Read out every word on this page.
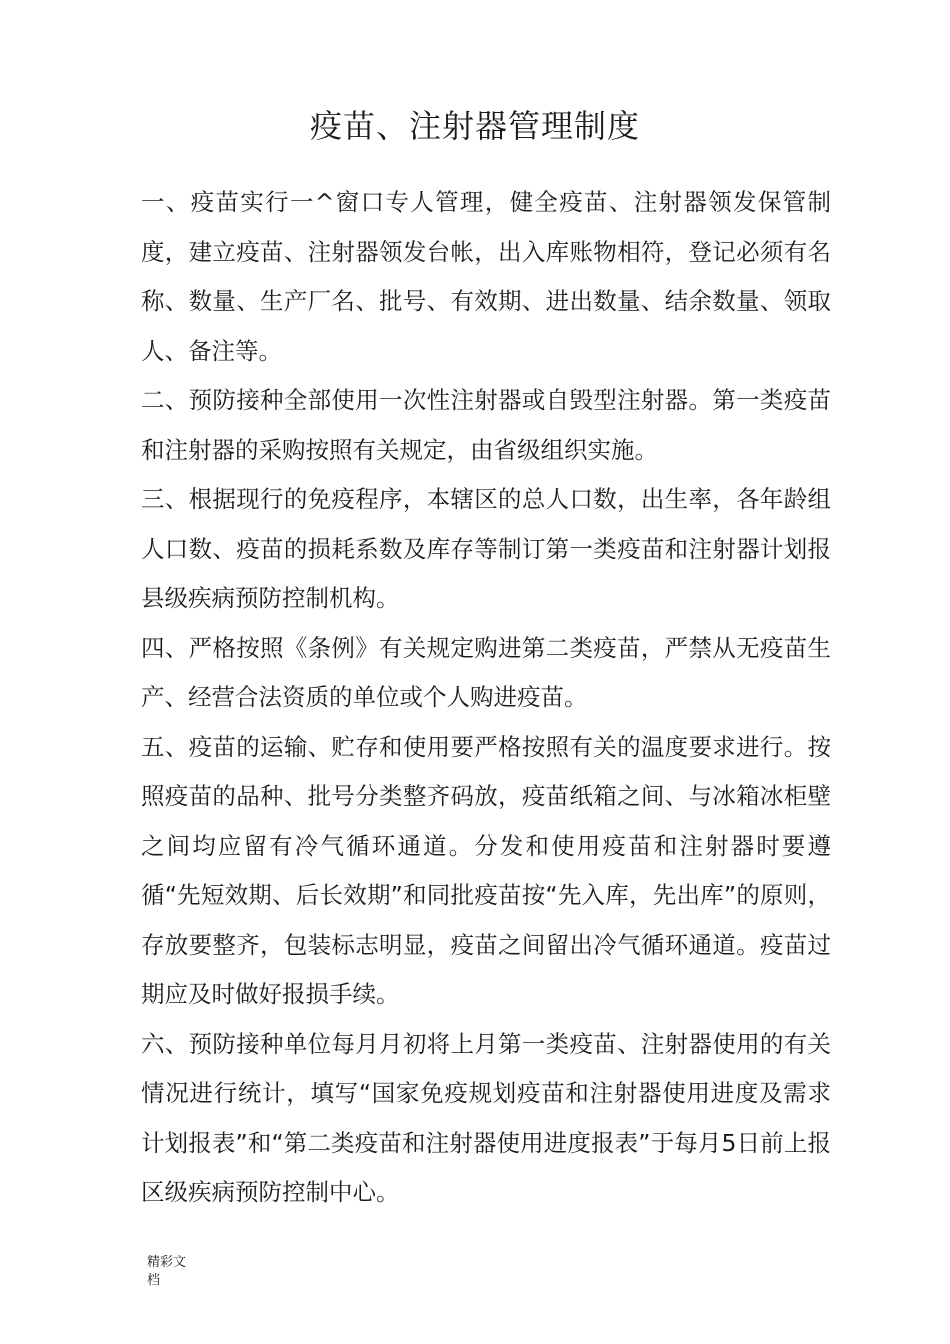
疫苗、注射器管理制度

一、疫苗实行一^窗口专人管理，健全疫苗、注射器领发保管制度，建立疫苗、注射器领发台帐，出入库账物相符，登记必须有名称、数量、生产厂名、批号、有效期、进出数量、结余数量、领取人、备注等。

二、预防接种全部使用一次性注射器或自毁型注射器。第一类疫苗和注射器的采购按照有关规定，由省级组织实施。

三、根据现行的免疫程序，本辖区的总人口数，出生率，各年龄组人口数、疫苗的损耗系数及库存等制订第一类疫苗和注射器计划报县级疾病预防控制机构。

四、严格按照《条例》有关规定购进第二类疫苗，严禁从无疫苗生产、经营合法资质的单位或个人购进疫苗。

五、疫苗的运输、贮存和使用要严格按照有关的温度要求进行。按照疫苗的品种、批号分类整齐码放，疫苗纸箱之间、与冰箱冰柜壁之间均应留有冷气循环通道。分发和使用疫苗和注射器时要遵循“先短效期、后长效期”和同批疫苗按“先入库，先出库”的原则，存放要整齐，包装标志明显，疫苗之间留出冷气循环通道。疫苗过期应及时做好报损手续。

六、预防接种单位每月月初将上月第一类疫苗、注射器使用的有关情况进行统计，填写“国家免疫规划疫苗和注射器使用进度及需求计划报表”和“第二类疫苗和注射器使用进度报表”于每月5日前上报区级疾病预防控制中心。

精彩文
档
